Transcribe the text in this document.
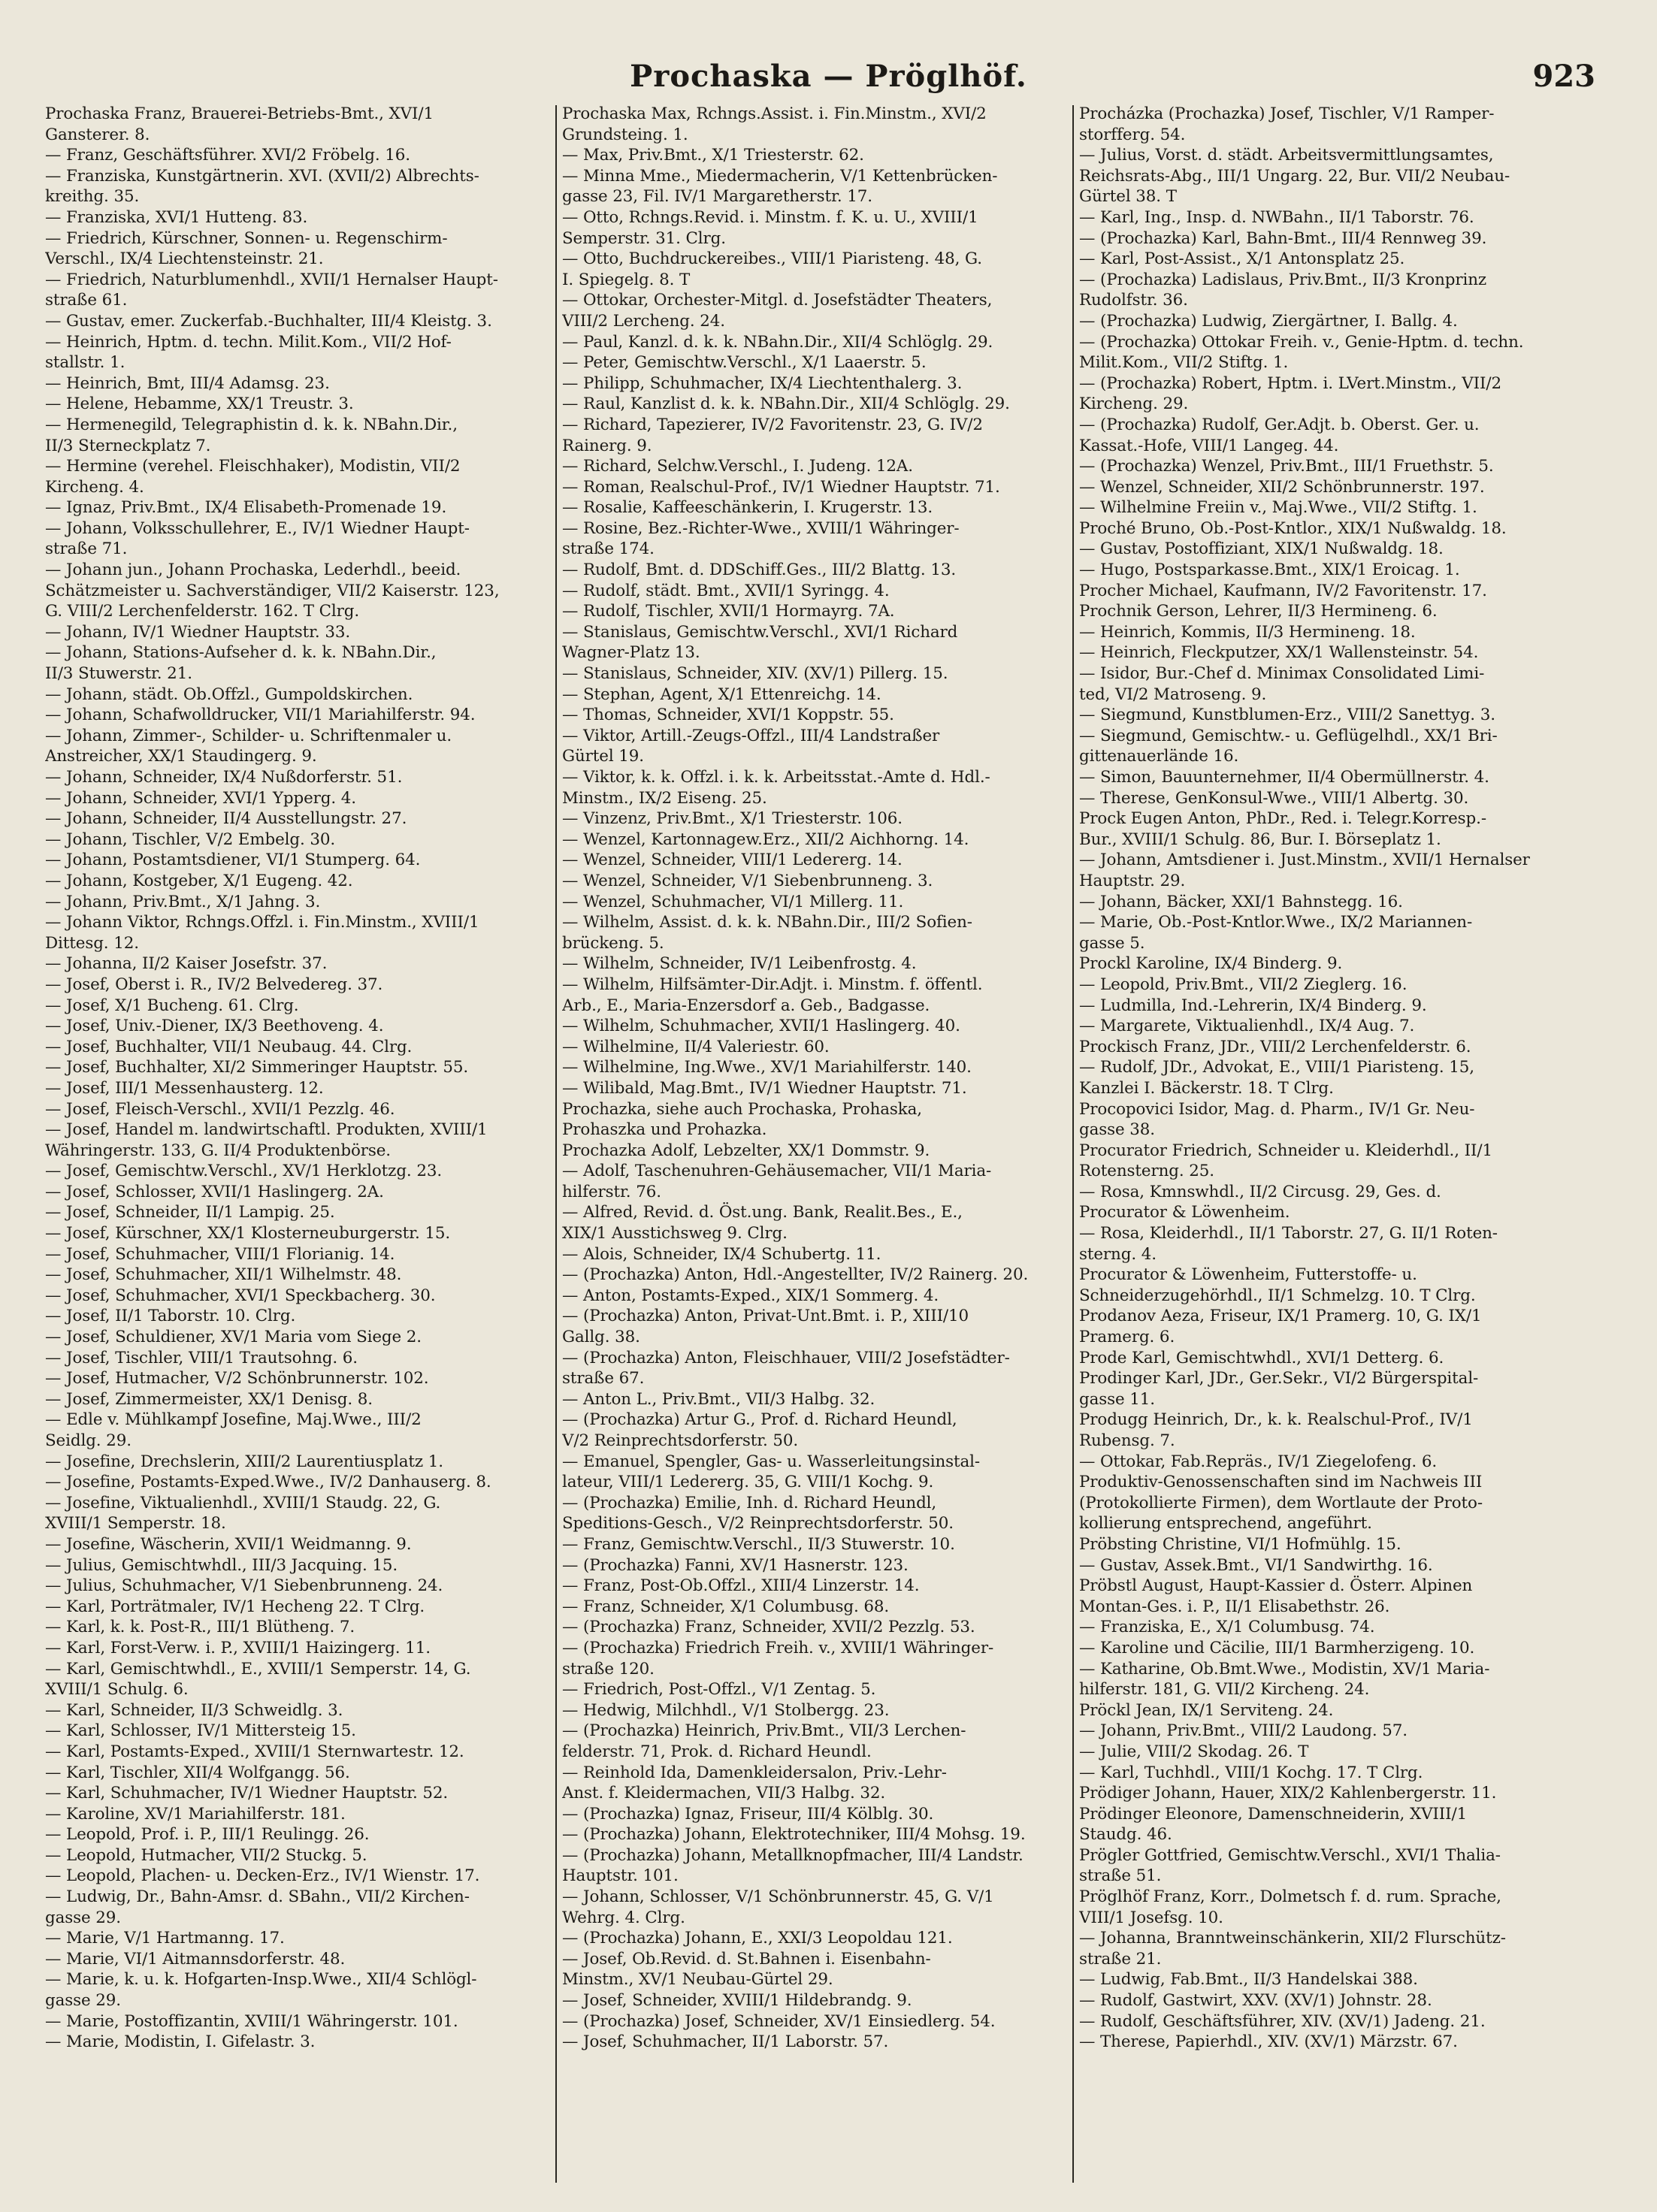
Prochaska — Pröglhöf.	923
Prochaska Franz, Brauerei-Betriebs-Bmt., XVI/1
Gansterer. 8.
— Franz, Geschäftsführer. XVI/2 Fröbelg. 16.
— Franziska, Kunstgärtnerin. XVI. (XVII/2) Albrechts-
kreithg. 35.
— Franziska, XVI/1 Hutteng. 83.
— Friedrich, Kürschner, Sonnen- u. Regenschirm-
Verschl., IX/4 Liechtensteinstr. 21.
— Friedrich, Naturblumenhdl., XVII/1 Hernalser Haupt-
straße 61.
— Gustav, emer. Zuckerfab.-Buchhalter, III/4 Kleistg. 3.
— Heinrich, Hptm. d. techn. Milit.Kom., VII/2 Hof-
stallstr. 1.
— Heinrich, Bmt, III/4 Adamsg. 23.
— Helene, Hebamme, XX/1 Treustr. 3.
— Hermenegild, Telegraphistin d. k. k. NBahn.Dir.,
II/3 Sterneckplatz 7.
— Hermine (verehel. Fleischhaker), Modistin, VII/2
Kircheng. 4.
— Ignaz, Priv.Bmt., IX/4 Elisabeth-Promenade 19.
— Johann, Volksschullehrer, E., IV/1 Wiedner Haupt-
straße 71.
— Johann jun., Johann Prochaska, Lederhdl., beeid.
Schätzmeister u. Sachverständiger, VII/2 Kaiserstr. 123,
G. VIII/2 Lerchenfelderstr. 162. T Clrg.
— Johann, IV/1 Wiedner Hauptstr. 33.
— Johann, Stations-Aufseher d. k. k. NBahn.Dir.,
II/3 Stuwerstr. 21.
— Johann, städt. Ob.Offzl., Gumpoldskirchen.
— Johann, Schafwolldrucker, VII/1 Mariahilferstr. 94.
— Johann, Zimmer-, Schilder- u. Schriftenmaler u.
Anstreicher, XX/1 Staudingerg. 9.
— Johann, Schneider, IX/4 Nußdorferstr. 51.
— Johann, Schneider, XVI/1 Ypperg. 4.
— Johann, Schneider, II/4 Ausstellungstr. 27.
— Johann, Tischler, V/2 Embelg. 30.
— Johann, Postamtsdiener, VI/1 Stumperg. 64.
— Johann, Kostgeber, X/1 Eugeng. 42.
— Johann, Priv.Bmt., X/1 Jahng. 3.
— Johann Viktor, Rchngs.Offzl. i. Fin.Minstm., XVIII/1
Dittesg. 12.
— Johanna, II/2 Kaiser Josefstr. 37.
— Josef, Oberst i. R., IV/2 Belvedereg. 37.
— Josef, X/1 Bucheng. 61. Clrg.
— Josef, Univ.-Diener, IX/3 Beethoveng. 4.
— Josef, Buchhalter, VII/1 Neubaug. 44. Clrg.
— Josef, Buchhalter, XI/2 Simmeringer Hauptstr. 55.
— Josef, III/1 Messenhausterg. 12.
— Josef, Fleisch-Verschl., XVII/1 Pezzlg. 46.
— Josef, Handel m. landwirtschaftl. Produkten, XVIII/1
Währingerstr. 133, G. II/4 Produktenbörse.
— Josef, Gemischtw.Verschl., XV/1 Herklotzg. 23.
— Josef, Schlosser, XVII/1 Haslingerg. 2A.
— Josef, Schneider, II/1 Lampig. 25.
— Josef, Kürschner, XX/1 Klosterneuburgerstr. 15.
— Josef, Schuhmacher, VIII/1 Florianig. 14.
— Josef, Schuhmacher, XII/1 Wilhelmstr. 48.
— Josef, Schuhmacher, XVI/1 Speckbacherg. 30.
— Josef, II/1 Taborstr. 10. Clrg.
— Josef, Schuldiener, XV/1 Maria vom Siege 2.
— Josef, Tischler, VIII/1 Trautsohng. 6.
— Josef, Hutmacher, V/2 Schönbrunnerstr. 102.
— Josef, Zimmermeister, XX/1 Denisg. 8.
— Edle v. Mühlkampf Josefine, Maj.Wwe., III/2
Seidlg. 29.
— Josefine, Drechslerin, XIII/2 Laurentiusplatz 1.
— Josefine, Postamts-Exped.Wwe., IV/2 Danhauserg. 8.
— Josefine, Viktualienhdl., XVIII/1 Staudg. 22, G.
XVIII/1 Semperstr. 18.
— Josefine, Wäscherin, XVII/1 Weidmanng. 9.
— Julius, Gemischtwhdl., III/3 Jacquing. 15.
— Julius, Schuhmacher, V/1 Siebenbrunneng. 24.
— Karl, Porträtmaler, IV/1 Hecheng 22. T Clrg.
— Karl, k. k. Post-R., III/1 Blütheng. 7.
— Karl, Forst-Verw. i. P., XVIII/1 Haizingerg. 11.
— Karl, Gemischtwhdl., E., XVIII/1 Semperstr. 14, G.
XVIII/1 Schulg. 6.
— Karl, Schneider, II/3 Schweidlg. 3.
— Karl, Schlosser, IV/1 Mittersteig 15.
— Karl, Postamts-Exped., XVIII/1 Sternwartestr. 12.
— Karl, Tischler, XII/4 Wolfgangg. 56.
— Karl, Schuhmacher, IV/1 Wiedner Hauptstr. 52.
— Karoline, XV/1 Mariahilferstr. 181.
— Leopold, Prof. i. P., III/1 Reulingg. 26.
— Leopold, Hutmacher, VII/2 Stuckg. 5.
— Leopold, Plachen- u. Decken-Erz., IV/1 Wienstr. 17.
— Ludwig, Dr., Bahn-Amsr. d. SBahn., VII/2 Kirchen-
gasse 29.
— Marie, V/1 Hartmanng. 17.
— Marie, VI/1 Aitmannsdorferstr. 48.
— Marie, k. u. k. Hofgarten-Insp.Wwe., XII/4 Schlögl-
gasse 29.
— Marie, Postoffizantin, XVIII/1 Währingerstr. 101.
— Marie, Modistin, I. Gifelastr. 3.
Prochaska Max, Rchngs.Assist. i. Fin.Minstm., XVI/2
Grundsteing. 1.
— Max, Priv.Bmt., X/1 Triesterstr. 62.
— Minna Mme., Miedermacherin, V/1 Kettenbrücken-
gasse 23, Fil. IV/1 Margaretherstr. 17.
— Otto, Rchngs.Revid. i. Minstm. f. K. u. U., XVIII/1
Semperstr. 31. Clrg.
— Otto, Buchdruckereibes., VIII/1 Piaristeng. 48, G.
I. Spiegelg. 8. T
— Ottokar, Orchester-Mitgl. d. Josefstädter Theaters,
VIII/2 Lercheng. 24.
— Paul, Kanzl. d. k. k. NBahn.Dir., XII/4 Schlöglg. 29.
— Peter, Gemischtw.Verschl., X/1 Laaerstr. 5.
— Philipp, Schuhmacher, IX/4 Liechtenthalerg. 3.
— Raul, Kanzlist d. k. k. NBahn.Dir., XII/4 Schlöglg. 29.
— Richard, Tapezierer, IV/2 Favoritenstr. 23, G. IV/2
Rainerg. 9.
— Richard, Selchw.Verschl., I. Judeng. 12A.
— Roman, Realschul-Prof., IV/1 Wiedner Hauptstr. 71.
— Rosalie, Kaffeeschänkerin, I. Krugerstr. 13.
— Rosine, Bez.-Richter-Wwe., XVIII/1 Währinger-
straße 174.
— Rudolf, Bmt. d. DDSchiff.Ges., III/2 Blattg. 13.
— Rudolf, städt. Bmt., XVII/1 Syringg. 4.
— Rudolf, Tischler, XVII/1 Hormayrg. 7A.
— Stanislaus, Gemischtw.Verschl., XVI/1 Richard
Wagner-Platz 13.
— Stanislaus, Schneider, XIV. (XV/1) Pillerg. 15.
— Stephan, Agent, X/1 Ettenreichg. 14.
— Thomas, Schneider, XVI/1 Koppstr. 55.
— Viktor, Artill.-Zeugs-Offzl., III/4 Landstraßer
Gürtel 19.
— Viktor, k. k. Offzl. i. k. k. Arbeitsstat.-Amte d. Hdl.-
Minstm., IX/2 Eiseng. 25.
— Vinzenz, Priv.Bmt., X/1 Triesterstr. 106.
— Wenzel, Kartonnagew.Erz., XII/2 Aichhorng. 14.
— Wenzel, Schneider, VIII/1 Ledererg. 14.
— Wenzel, Schneider, V/1 Siebenbrunneng. 3.
— Wenzel, Schuhmacher, VI/1 Millerg. 11.
— Wilhelm, Assist. d. k. k. NBahn.Dir., III/2 Sofien-
brückeng. 5.
— Wilhelm, Schneider, IV/1 Leibenfrostg. 4.
— Wilhelm, Hilfsämter-Dir.Adjt. i. Minstm. f. öffentl.
Arb., E., Maria-Enzersdorf a. Geb., Badgasse.
— Wilhelm, Schuhmacher, XVII/1 Haslingerg. 40.
— Wilhelmine, II/4 Valeriestr. 60.
— Wilhelmine, Ing.Wwe., XV/1 Mariahilferstr. 140.
— Wilibald, Mag.Bmt., IV/1 Wiedner Hauptstr. 71.
Prochazka, siehe auch Prochaska, Prohaska,
Prohaszka und Prohazka.
Prochazka Adolf, Lebzelter, XX/1 Dommstr. 9.
— Adolf, Taschenuhren-Gehäusemacher, VII/1 Maria-
hilferstr. 76.
— Alfred, Revid. d. Öst.ung. Bank, Realit.Bes., E.,
XIX/1 Ausstichsweg 9. Clrg.
— Alois, Schneider, IX/4 Schubertg. 11.
— (Prochazka) Anton, Hdl.-Angestellter, IV/2 Rainerg. 20.
— Anton, Postamts-Exped., XIX/1 Sommerg. 4.
— (Prochazka) Anton, Privat-Unt.Bmt. i. P., XIII/10
Gallg. 38.
— (Prochazka) Anton, Fleischhauer, VIII/2 Josefstädter-
straße 67.
— Anton L., Priv.Bmt., VII/3 Halbg. 32.
— (Prochazka) Artur G., Prof. d. Richard Heundl,
V/2 Reinprechtsdorferstr. 50.
— Emanuel, Spengler, Gas- u. Wasserleitungsinstal-
lateur, VIII/1 Ledererg. 35, G. VIII/1 Kochg. 9.
— (Prochazka) Emilie, Inh. d. Richard Heundl,
Speditions-Gesch., V/2 Reinprechtsdorferstr. 50.
— Franz, Gemischtw.Verschl., II/3 Stuwerstr. 10.
— (Prochazka) Fanni, XV/1 Hasnerstr. 123.
— Franz, Post-Ob.Offzl., XIII/4 Linzerstr. 14.
— Franz, Schneider, X/1 Columbusg. 68.
— (Prochazka) Franz, Schneider, XVII/2 Pezzlg. 53.
— (Prochazka) Friedrich Freih. v., XVIII/1 Währinger-
straße 120.
— Friedrich, Post-Offzl., V/1 Zentag. 5.
— Hedwig, Milchhdl., V/1 Stolbergg. 23.
— (Prochazka) Heinrich, Priv.Bmt., VII/3 Lerchen-
felderstr. 71, Prok. d. Richard Heundl.
— Reinhold Ida, Damenkleidersalon, Priv.-Lehr-
Anst. f. Kleidermachen, VII/3 Halbg. 32.
— (Prochazka) Ignaz, Friseur, III/4 Kölblg. 30.
— (Prochazka) Johann, Elektrotechniker, III/4 Mohsg. 19.
— (Prochazka) Johann, Metallknopfmacher, III/4 Landstr.
Hauptstr. 101.
— Johann, Schlosser, V/1 Schönbrunnerstr. 45, G. V/1
Wehrg. 4. Clrg.
— (Prochazka) Johann, E., XXI/3 Leopoldau 121.
— Josef, Ob.Revid. d. St.Bahnen i. Eisenbahn-
Minstm., XV/1 Neubau-Gürtel 29.
— Josef, Schneider, XVIII/1 Hildebrandg. 9.
— (Prochazka) Josef, Schneider, XV/1 Einsiedlerg. 54.
— Josef, Schuhmacher, II/1 Laborstr. 57.
Procházka (Prochazka) Josef, Tischler, V/1 Ramper-
storfferg. 54.
— Julius, Vorst. d. städt. Arbeitsvermittlungsamtes,
Reichsrats-Abg., III/1 Ungarg. 22, Bur. VII/2 Neubau-
Gürtel 38. T
— Karl, Ing., Insp. d. NWBahn., II/1 Taborstr. 76.
— (Prochazka) Karl, Bahn-Bmt., III/4 Rennweg 39.
— Karl, Post-Assist., X/1 Antonsplatz 25.
— (Prochazka) Ladislaus, Priv.Bmt., II/3 Kronprinz
Rudolfstr. 36.
— (Prochazka) Ludwig, Ziergärtner, I. Ballg. 4.
— (Prochazka) Ottokar Freih. v., Genie-Hptm. d. techn.
Milit.Kom., VII/2 Stiftg. 1.
— (Prochazka) Robert, Hptm. i. LVert.Minstm., VII/2
Kircheng. 29.
— (Prochazka) Rudolf, Ger.Adjt. b. Oberst. Ger. u.
Kassat.-Hofe, VIII/1 Langeg. 44.
— (Prochazka) Wenzel, Priv.Bmt., III/1 Fruethstr. 5.
— Wenzel, Schneider, XII/2 Schönbrunnerstr. 197.
— Wilhelmine Freiin v., Maj.Wwe., VII/2 Stiftg. 1.
Proché Bruno, Ob.-Post-Kntlor., XIX/1 Nußwaldg. 18.
— Gustav, Postoffiziant, XIX/1 Nußwaldg. 18.
— Hugo, Postsparkasse.Bmt., XIX/1 Eroicag. 1.
Procher Michael, Kaufmann, IV/2 Favoritenstr. 17.
Prochnik Gerson, Lehrer, II/3 Hermineng. 6.
— Heinrich, Kommis, II/3 Hermineng. 18.
— Heinrich, Fleckputzer, XX/1 Wallensteinstr. 54.
— Isidor, Bur.-Chef d. Minimax Consolidated Limi-
ted, VI/2 Matroseng. 9.
— Siegmund, Kunstblumen-Erz., VIII/2 Sanettyg. 3.
— Siegmund, Gemischtw.- u. Geflügelhdl., XX/1 Bri-
gittenauerlände 16.
— Simon, Bauunternehmer, II/4 Obermüllnerstr. 4.
— Therese, GenKonsul-Wwe., VIII/1 Albertg. 30.
Prock Eugen Anton, PhDr., Red. i. Telegr.Korresp.-
Bur., XVIII/1 Schulg. 86, Bur. I. Börseplatz 1.
— Johann, Amtsdiener i. Just.Minstm., XVII/1 Hernalser
Hauptstr. 29.
— Johann, Bäcker, XXI/1 Bahnstegg. 16.
— Marie, Ob.-Post-Kntlor.Wwe., IX/2 Mariannen-
gasse 5.
Prockl Karoline, IX/4 Binderg. 9.
— Leopold, Priv.Bmt., VII/2 Zieglerg. 16.
— Ludmilla, Ind.-Lehrerin, IX/4 Binderg. 9.
— Margarete, Viktualienhdl., IX/4 Aug. 7.
Prockisch Franz, JDr., VIII/2 Lerchenfelderstr. 6.
— Rudolf, JDr., Advokat, E., VIII/1 Piaristeng. 15,
Kanzlei I. Bäckerstr. 18. T Clrg.
Procopovici Isidor, Mag. d. Pharm., IV/1 Gr. Neu-
gasse 38.
Procurator Friedrich, Schneider u. Kleiderhdl., II/1
Rotensterng. 25.
— Rosa, Kmnswhdl., II/2 Circusg. 29, Ges. d.
Procurator & Löwenheim.
— Rosa, Kleiderhdl., II/1 Taborstr. 27, G. II/1 Roten-
sterng. 4.
Procurator & Löwenheim, Futterstoffe- u.
Schneiderzugehörhdl., II/1 Schmelzg. 10. T Clrg.
Prodanov Aeza, Friseur, IX/1 Pramerg. 10, G. IX/1
Pramerg. 6.
Prode Karl, Gemischtwhdl., XVI/1 Detterg. 6.
Prodinger Karl, JDr., Ger.Sekr., VI/2 Bürgerspital-
gasse 11.
Produgg Heinrich, Dr., k. k. Realschul-Prof., IV/1
Rubensg. 7.
— Ottokar, Fab.Repräs., IV/1 Ziegelofeng. 6.
Produktiv-Genossenschaften sind im Nachweis III
(Protokollierte Firmen), dem Wortlaute der Proto-
kollierung entsprechend, angeführt.
Pröbsting Christine, VI/1 Hofmühlg. 15.
— Gustav, Assek.Bmt., VI/1 Sandwirthg. 16.
Pröbstl August, Haupt-Kassier d. Österr. Alpinen
Montan-Ges. i. P., II/1 Elisabethstr. 26.
— Franziska, E., X/1 Columbusg. 74.
— Karoline und Cäcilie, III/1 Barmherzigeng. 10.
— Katharine, Ob.Bmt.Wwe., Modistin, XV/1 Maria-
hilferstr. 181, G. VII/2 Kircheng. 24.
Pröckl Jean, IX/1 Serviteng. 24.
— Johann, Priv.Bmt., VIII/2 Laudong. 57.
— Julie, VIII/2 Skodag. 26. T
— Karl, Tuchhdl., VIII/1 Kochg. 17. T Clrg.
Prödiger Johann, Hauer, XIX/2 Kahlenbergerstr. 11.
Prödinger Eleonore, Damenschneiderin, XVIII/1
Staudg. 46.
Prögler Gottfried, Gemischtw.Verschl., XVI/1 Thalia-
straße 51.
Pröglhöf Franz, Korr., Dolmetsch f. d. rum. Sprache,
VIII/1 Josefsg. 10.
— Johanna, Branntweinschänkerin, XII/2 Flurschütz-
straße 21.
— Ludwig, Fab.Bmt., II/3 Handelskai 388.
— Rudolf, Gastwirt, XXV. (XV/1) Johnstr. 28.
— Rudolf, Geschäftsführer, XIV. (XV/1) Jadeng. 21.
— Therese, Papierhdl., XIV. (XV/1) Märzstr. 67.
